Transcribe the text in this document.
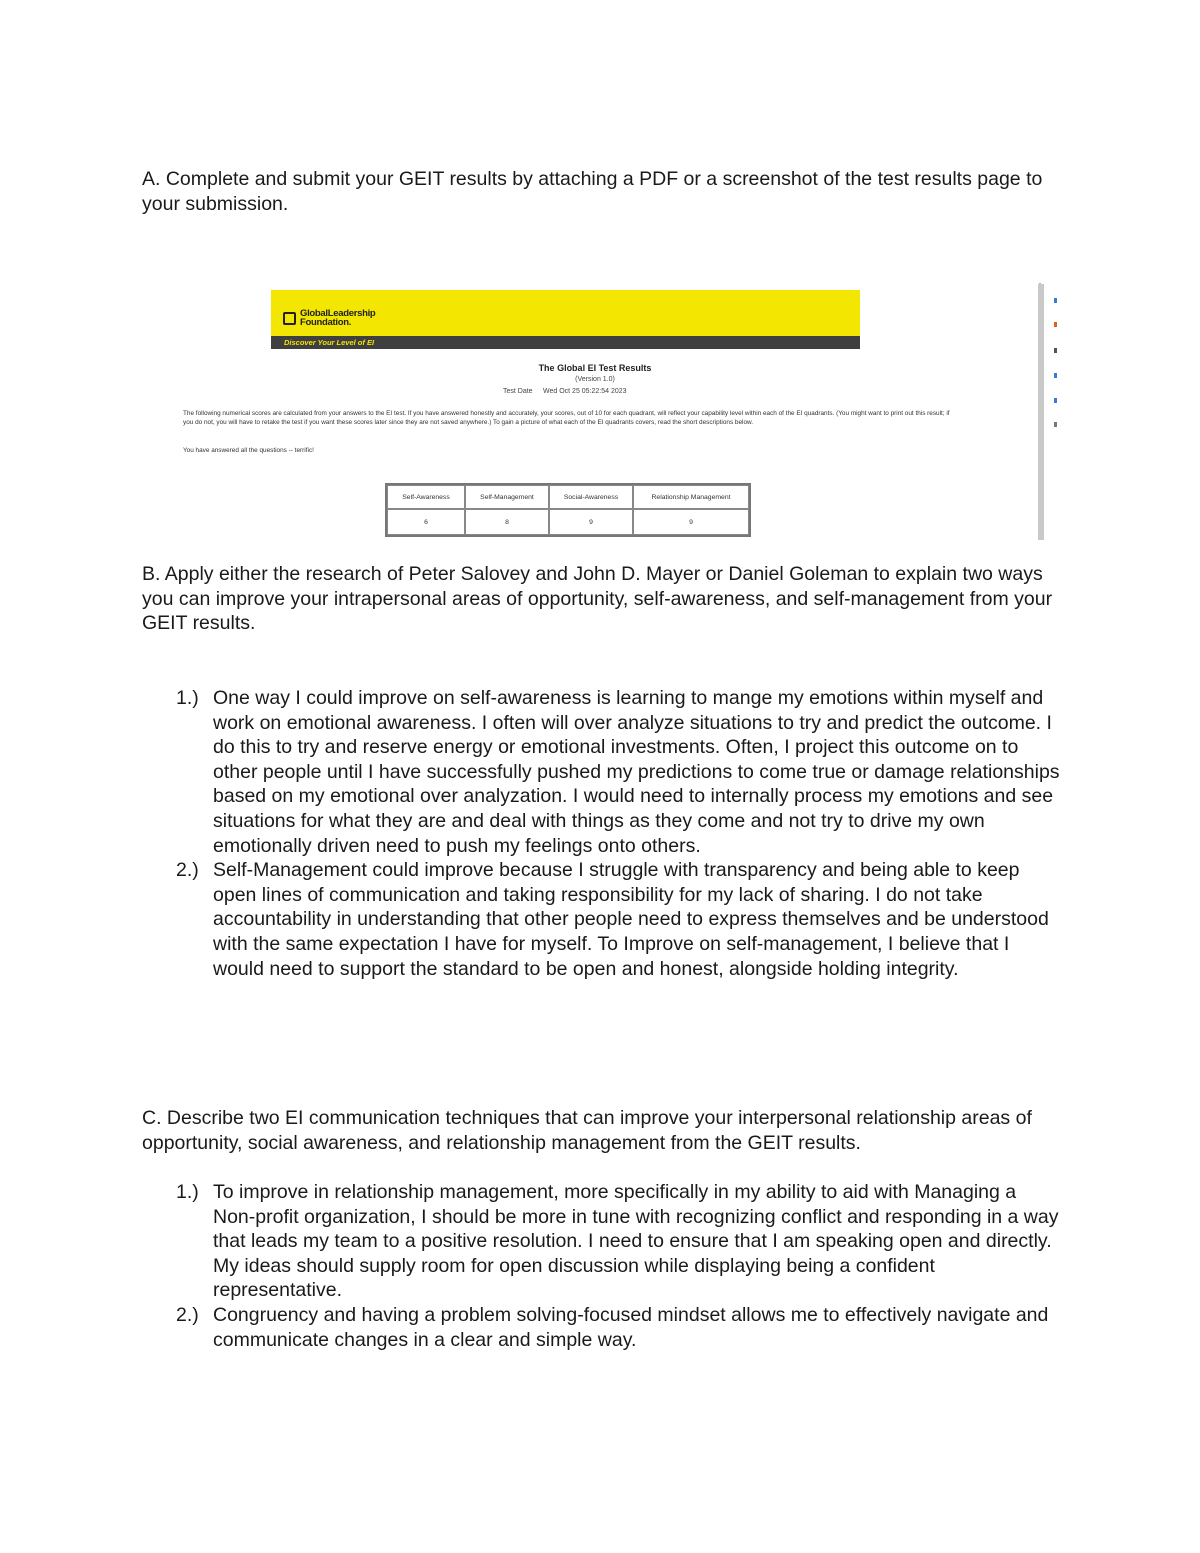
A. Complete and submit your GEIT results by attaching a PDF or a screenshot of the test results page to your submission.

GlobalLeadership
Foundation.
Discover Your Level of EI
The Global EI Test Results
(Version 1.0)
Test Date Wed Oct 25 05:22:54 2023
The following numerical scores are calculated from your answers to the EI test. If you have answered honestly and accurately, your scores, out of 10 for each quadrant, will reflect your capability level within each of the EI quadrants. (You might want to print out this result; if you do not, you will have to retake the test if you want these scores later since they are not saved anywhere.) To gain a picture of what each of the EI quadrants covers, read the short descriptions below.
You have answered all the questions -- terrific!
Self-Awareness	Self-Management	Social-Awareness	Relationship Management
6	8	9	9

B. Apply either the research of Peter Salovey and John D. Mayer or Daniel Goleman to explain two ways you can improve your intrapersonal areas of opportunity, self-awareness, and self-management from your GEIT results.

1.) One way I could improve on self-awareness is learning to mange my emotions within myself and work on emotional awareness. I often will over analyze situations to try and predict the outcome. I do this to try and reserve energy or emotional investments. Often, I project this outcome on to other people until I have successfully pushed my predictions to come true or damage relationships based on my emotional over analyzation. I would need to internally process my emotions and see situations for what they are and deal with things as they come and not try to drive my own emotionally driven need to push my feelings onto others.
2.) Self-Management could improve because I struggle with transparency and being able to keep open lines of communication and taking responsibility for my lack of sharing. I do not take accountability in understanding that other people need to express themselves and be understood with the same expectation I have for myself. To Improve on self-management, I believe that I would need to support the standard to be open and honest, alongside holding integrity.

C. Describe two EI communication techniques that can improve your interpersonal relationship areas of opportunity, social awareness, and relationship management from the GEIT results.

1.) To improve in relationship management, more specifically in my ability to aid with Managing a Non-profit organization, I should be more in tune with recognizing conflict and responding in a way that leads my team to a positive resolution. I need to ensure that I am speaking open and directly. My ideas should supply room for open discussion while displaying being a confident representative.
2.) Congruency and having a problem solving-focused mindset allows me to effectively navigate and communicate changes in a clear and simple way.
